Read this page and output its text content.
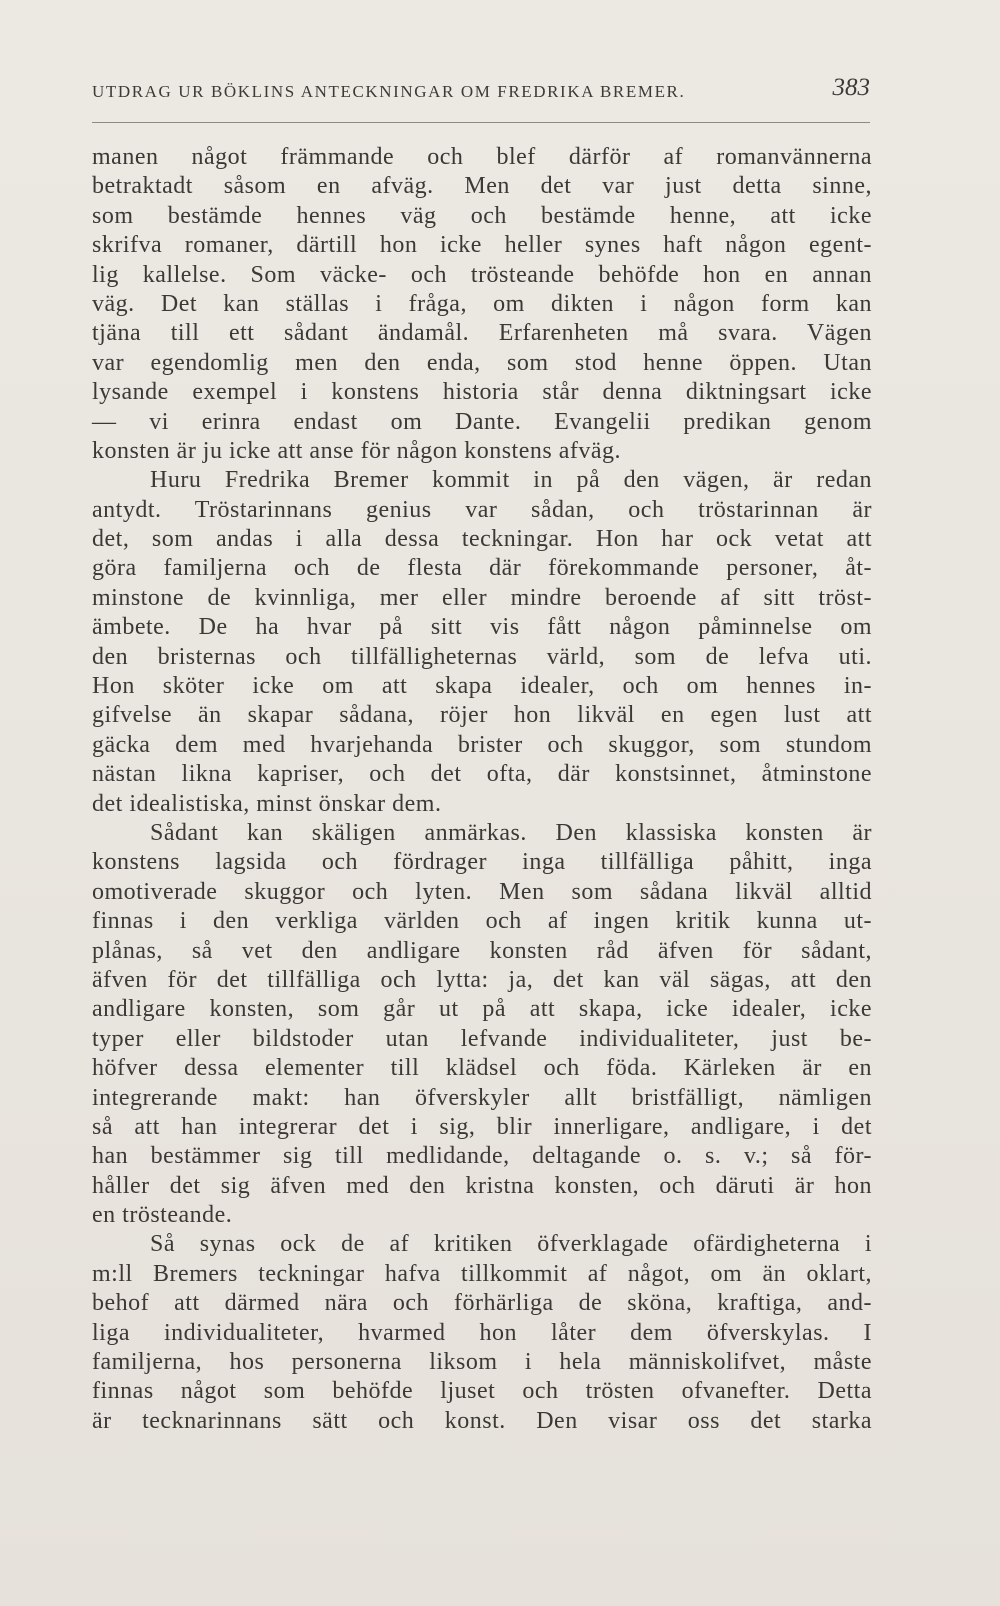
UTDRAG UR BÖKLINS ANTECKNINGAR OM FREDRIKA BREMER.	383
manen något främmande och blef därför af romanvännerna
betraktadt såsom en afväg. Men det var just detta sinne,
som bestämde hennes väg och bestämde henne, att icke
skrifva romaner, därtill hon icke heller synes haft någon egent-
lig kallelse. Som väcke- och trösteande behöfde hon en annan
väg. Det kan ställas i fråga, om dikten i någon form kan
tjäna till ett sådant ändamål. Erfarenheten må svara. Vägen
var egendomlig men den enda, som stod henne öppen. Utan
lysande exempel i konstens historia står denna diktningsart icke
— vi erinra endast om Dante. Evangelii predikan genom
konsten är ju icke att anse för någon konstens afväg.
Huru Fredrika Bremer kommit in på den vägen, är redan
antydt. Tröstarinnans genius var sådan, och tröstarinnan är
det, som andas i alla dessa teckningar. Hon har ock vetat att
göra familjerna och de flesta där förekommande personer, åt-
minstone de kvinnliga, mer eller mindre beroende af sitt tröst-
ämbete. De ha hvar på sitt vis fått någon påminnelse om
den bristernas och tillfälligheternas värld, som de lefva uti.
Hon sköter icke om att skapa idealer, och om hennes in-
gifvelse än skapar sådana, röjer hon likväl en egen lust att
gäcka dem med hvarjehanda brister och skuggor, som stundom
nästan likna kapriser, och det ofta, där konstsinnet, åtminstone
det idealistiska, minst önskar dem.
Sådant kan skäligen anmärkas. Den klassiska konsten är
konstens lagsida och fördrager inga tillfälliga påhitt, inga
omotiverade skuggor och lyten. Men som sådana likväl alltid
finnas i den verkliga världen och af ingen kritik kunna ut-
plånas, så vet den andligare konsten råd äfven för sådant,
äfven för det tillfälliga och lytta: ja, det kan väl sägas, att den
andligare konsten, som går ut på att skapa, icke idealer, icke
typer eller bildstoder utan lefvande individualiteter, just be-
höfver dessa elementer till klädsel och föda. Kärleken är en
integrerande makt: han öfverskyler allt bristfälligt, nämligen
så att han integrerar det i sig, blir innerligare, andligare, i det
han bestämmer sig till medlidande, deltagande o. s. v.; så för-
håller det sig äfven med den kristna konsten, och däruti är hon
en trösteande.
Så synas ock de af kritiken öfverklagade ofärdigheterna i
m:ll Bremers teckningar hafva tillkommit af något, om än oklart,
behof att därmed nära och förhärliga de sköna, kraftiga, and-
liga individualiteter, hvarmed hon låter dem öfverskylas. I
familjerna, hos personerna liksom i hela människolifvet, måste
finnas något som behöfde ljuset och trösten ofvanefter. Detta
är tecknarinnans sätt och konst. Den visar oss det starka
